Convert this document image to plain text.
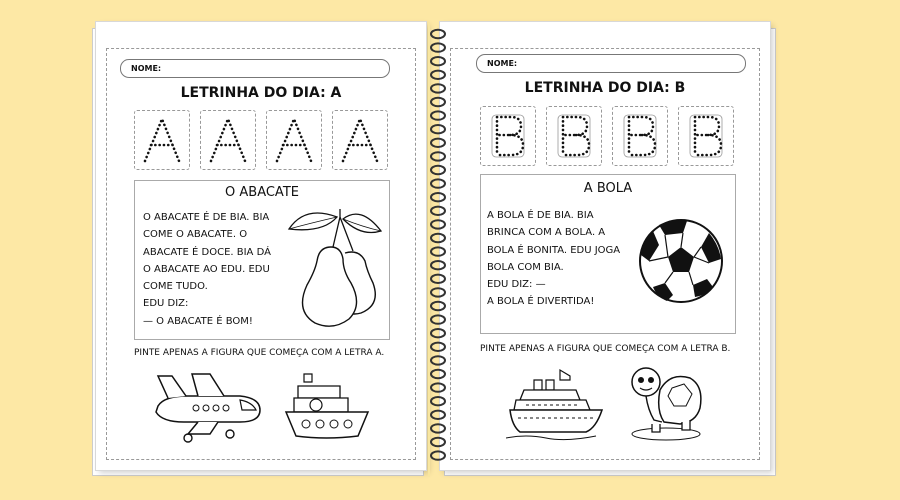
NOME:
LETRINHA DO DIA: A
O ABACATE
O ABACATE É DE BIA. BIA
COME O ABACATE. O
ABACATE É DOCE. BIA DÁ
O ABACATE AO EDU. EDU
COME TUDO.
EDU DIZ:
— O ABACATE É BOM!
PINTE APENAS A FIGURA QUE COMEÇA COM A LETRA A.
NOME:
LETRINHA DO DIA: B
A BOLA
A BOLA É DE BIA. BIA
BRINCA COM A BOLA. A
BOLA É BONITA. EDU JOGA
BOLA COM BIA.
EDU DIZ: —
A BOLA É DIVERTIDA!
PINTE APENAS A FIGURA QUE COMEÇA COM A LETRA B.
